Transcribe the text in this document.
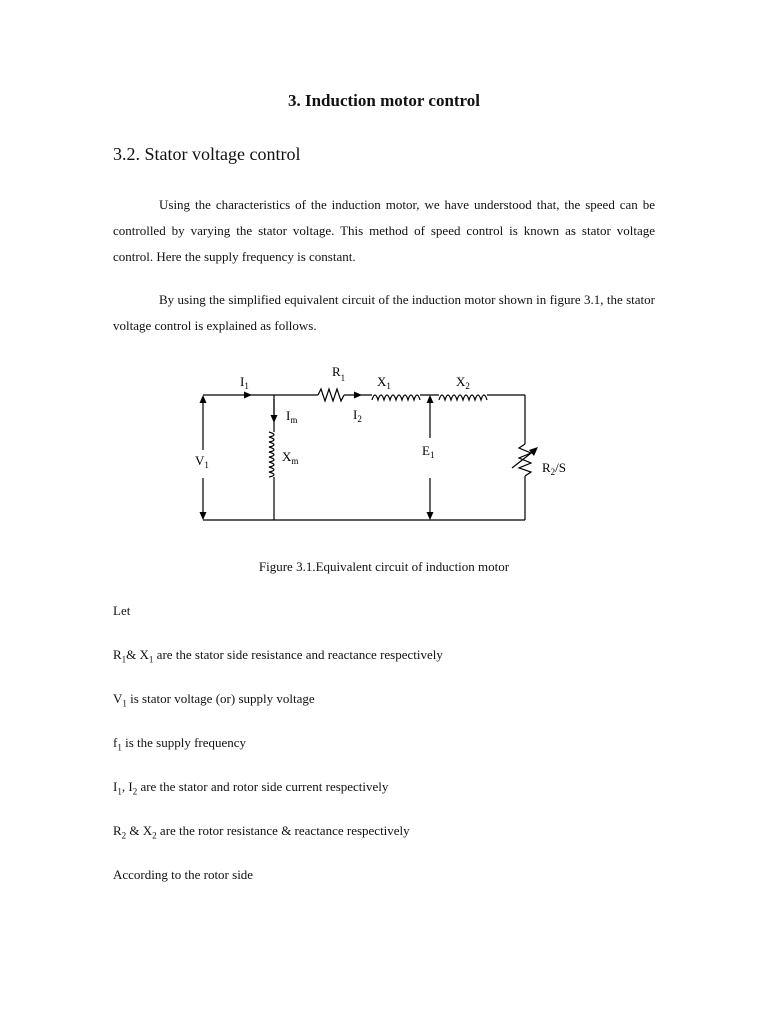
3. Induction motor control
3.2. Stator voltage control

Using the characteristics of the induction motor, we have understood that, the speed can be controlled by varying the stator voltage. This method of speed control is known as stator voltage control. Here the supply frequency is constant.

By using the simplified equivalent circuit of the induction motor shown in figure 3.1, the stator voltage control is explained as follows.

$I_1$
$R_1$ $X_1$	$X_2$
$I_m$	$I_2$
$V_1$
$X_m$
$E_1$
$R_2/S$
Figure 3.1.Equivalent circuit of induction motor
Let
$R_1\&$ $X_1$ are the stator side resistance and reactance respectively
$V_1$ is stator voltage (or) supply voltage
$f_1$ is the supply frequency
$I_1$, $I_2$ are the stator and rotor side current respectively
$R_2$ & $X_2$ are the rotor resistance & reactance respectively
According to the rotor side
